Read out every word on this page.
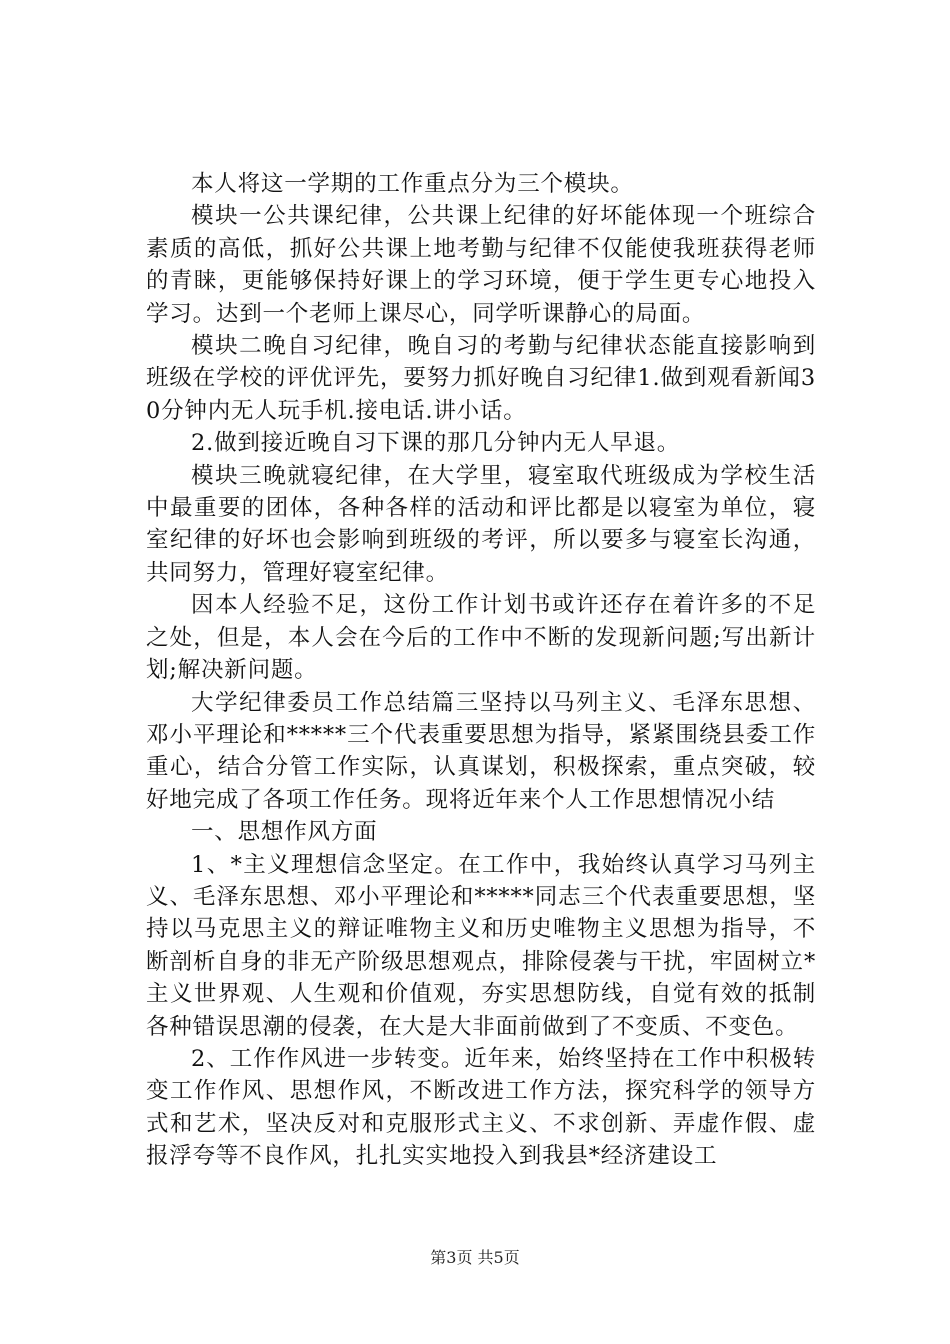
本人将这一学期的工作重点分为三个模块。

模块一公共课纪律，公共课上纪律的好坏能体现一个班综合素质的高低，抓好公共课上地考勤与纪律不仅能使我班获得老师的青睐，更能够保持好课上的学习环境，便于学生更专心地投入学习。达到一个老师上课尽心，同学听课静心的局面。

模块二晚自习纪律，晚自习的考勤与纪律状态能直接影响到班级在学校的评优评先，要努力抓好晚自习纪律1.做到观看新闻30分钟内无人玩手机.接电话.讲小话。

2.做到接近晚自习下课的那几分钟内无人早退。

模块三晚就寝纪律，在大学里，寝室取代班级成为学校生活中最重要的团体，各种各样的活动和评比都是以寝室为单位，寝室纪律的好坏也会影响到班级的考评，所以要多与寝室长沟通，共同努力，管理好寝室纪律。

因本人经验不足，这份工作计划书或许还存在着许多的不足之处，但是，本人会在今后的工作中不断的发现新问题;写出新计划;解决新问题。

大学纪律委员工作总结篇三坚持以马列主义、毛泽东思想、邓小平理论和*****三个代表重要思想为指导，紧紧围绕县委工作重心，结合分管工作实际，认真谋划，积极探索，重点突破，较好地完成了各项工作任务。现将近年来个人工作思想情况小结

一、思想作风方面

1、*主义理想信念坚定。在工作中，我始终认真学习马列主义、毛泽东思想、邓小平理论和*****同志三个代表重要思想，坚持以马克思主义的辩证唯物主义和历史唯物主义思想为指导，不断剖析自身的非无产阶级思想观点，排除侵袭与干扰，牢固树立*主义世界观、人生观和价值观，夯实思想防线，自觉有效的抵制各种错误思潮的侵袭，在大是大非面前做到了不变质、不变色。

2、工作作风进一步转变。近年来，始终坚持在工作中积极转变工作作风、思想作风，不断改进工作方法，探究科学的领导方式和艺术，坚决反对和克服形式主义、不求创新、弄虚作假、虚报浮夸等不良作风，扎扎实实地投入到我县*经济建设工

第3页 共5页
